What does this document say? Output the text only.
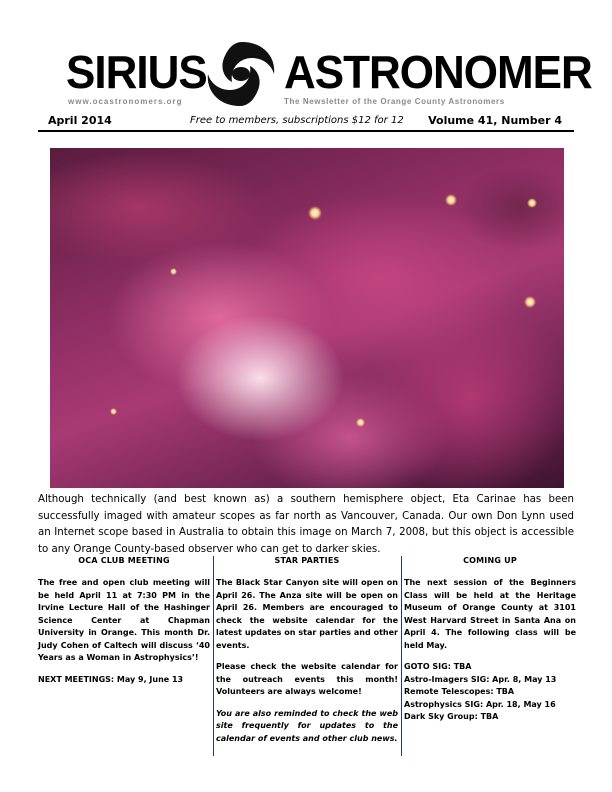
SIRIUS ASTRONOMER
www.ocastronomers.org	The Newsletter of the Orange County Astronomers
April 2014	Free to members, subscriptions $12 for 12 Volume 41, Number 4
Although technically (and best known as) a southern hemisphere object, Eta Carinae has been successfully imaged with amateur scopes as far north as Vancouver, Canada. Our own Don Lynn used an Internet scope based in Australia to obtain this image on March 7, 2008, but this object is accessible to any Orange County-based observer who can get to darker skies.
OCA CLUB MEETING

The free and open club meeting will be held April 11 at 7:30 PM in the Irvine Lecture Hall of the Hashinger Science Center at Chapman University in Orange. This month Dr. Judy Cohen of Caltech will discuss ‘40 Years as a Woman in Astrophysics’!

NEXT MEETINGS: May 9, June 13

STAR PARTIES

The Black Star Canyon site will open on April 26. The Anza site will be open on April 26. Members are encouraged to check the website calendar for the latest updates on star parties and other events.

Please check the website calendar for the outreach events this month! Volunteers are always welcome!

You are also reminded to check the web site frequently for updates to the calendar of events and other club news.

COMING UP

The next session of the Beginners Class will be held at the Heritage Museum of Orange County at 3101 West Harvard Street in Santa Ana on April 4. The following class will be held May.

GOTO SIG: TBA
Astro-Imagers SIG: Apr. 8, May 13
Remote Telescopes: TBA
Astrophysics SIG: Apr. 18, May 16
Dark Sky Group: TBA
